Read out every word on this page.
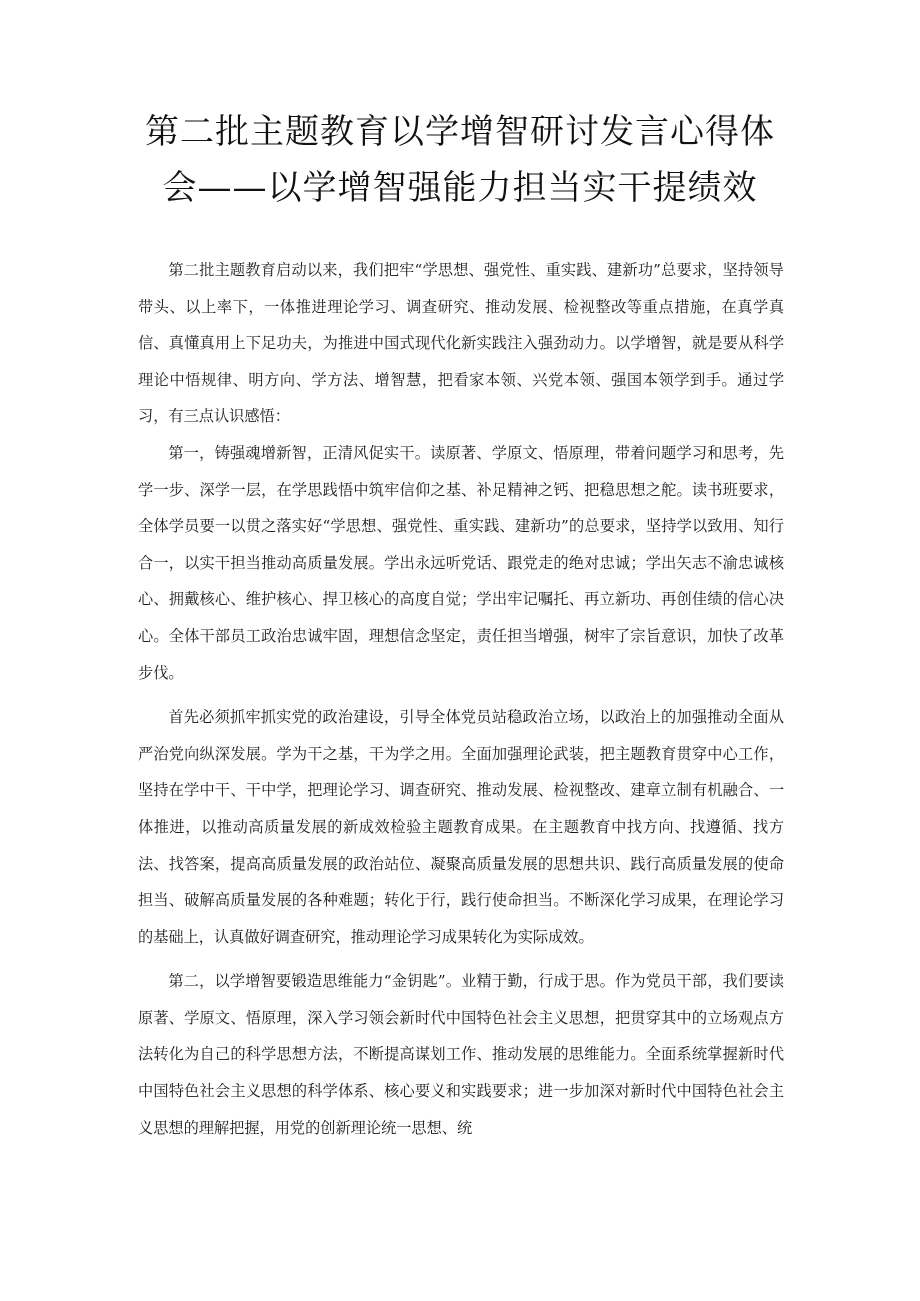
第二批主题教育以学增智研讨发言心得体
会——以学增智强能力担当实干提绩效

第二批主题教育启动以来，我们把牢“学思想、强党性、重实践、建新功”总要求，坚持领导带头、以上率下，一体推进理论学习、调查研究、推动发展、检视整改等重点措施，在真学真信、真懂真用上下足功夫，为推进中国式现代化新实践注入强劲动力。以学增智，就是要从科学理论中悟规律、明方向、学方法、增智慧，把看家本领、兴党本领、强国本领学到手。通过学习，有三点认识感悟：

第一，铸强魂增新智，正清风促实干。读原著、学原文、悟原理，带着问题学习和思考，先学一步、深学一层，在学思践悟中筑牢信仰之基、补足精神之钙、把稳思想之舵。读书班要求，全体学员要一以贯之落实好“学思想、强党性、重实践、建新功”的总要求，坚持学以致用、知行合一，以实干担当推动高质量发展。学出永远听党话、跟党走的绝对忠诚；学出矢志不渝忠诚核心、拥戴核心、维护核心、捍卫核心的高度自觉；学出牢记嘱托、再立新功、再创佳绩的信心决心。全体干部员工政治忠诚牢固，理想信念坚定，责任担当增强，树牢了宗旨意识，加快了改革步伐。

首先必须抓牢抓实党的政治建设，引导全体党员站稳政治立场，以政治上的加强推动全面从严治党向纵深发展。学为干之基，干为学之用。全面加强理论武装，把主题教育贯穿中心工作，坚持在学中干、干中学，把理论学习、调查研究、推动发展、检视整改、建章立制有机融合、一体推进，以推动高质量发展的新成效检验主题教育成果。在主题教育中找方向、找遵循、找方法、找答案，提高高质量发展的政治站位、凝聚高质量发展的思想共识、践行高质量发展的使命担当、破解高质量发展的各种难题；转化于行，践行使命担当。不断深化学习成果，在理论学习的基础上，认真做好调查研究，推动理论学习成果转化为实际成效。

第二，以学增智要锻造思维能力“金钥匙”。业精于勤，行成于思。作为党员干部，我们要读原著、学原文、悟原理，深入学习领会新时代中国特色社会主义思想，把贯穿其中的立场观点方法转化为自己的科学思想方法，不断提高谋划工作、推动发展的思维能力。全面系统掌握新时代中国特色社会主义思想的科学体系、核心要义和实践要求；进一步加深对新时代中国特色社会主义思想的理解把握，用党的创新理论统一思想、统
